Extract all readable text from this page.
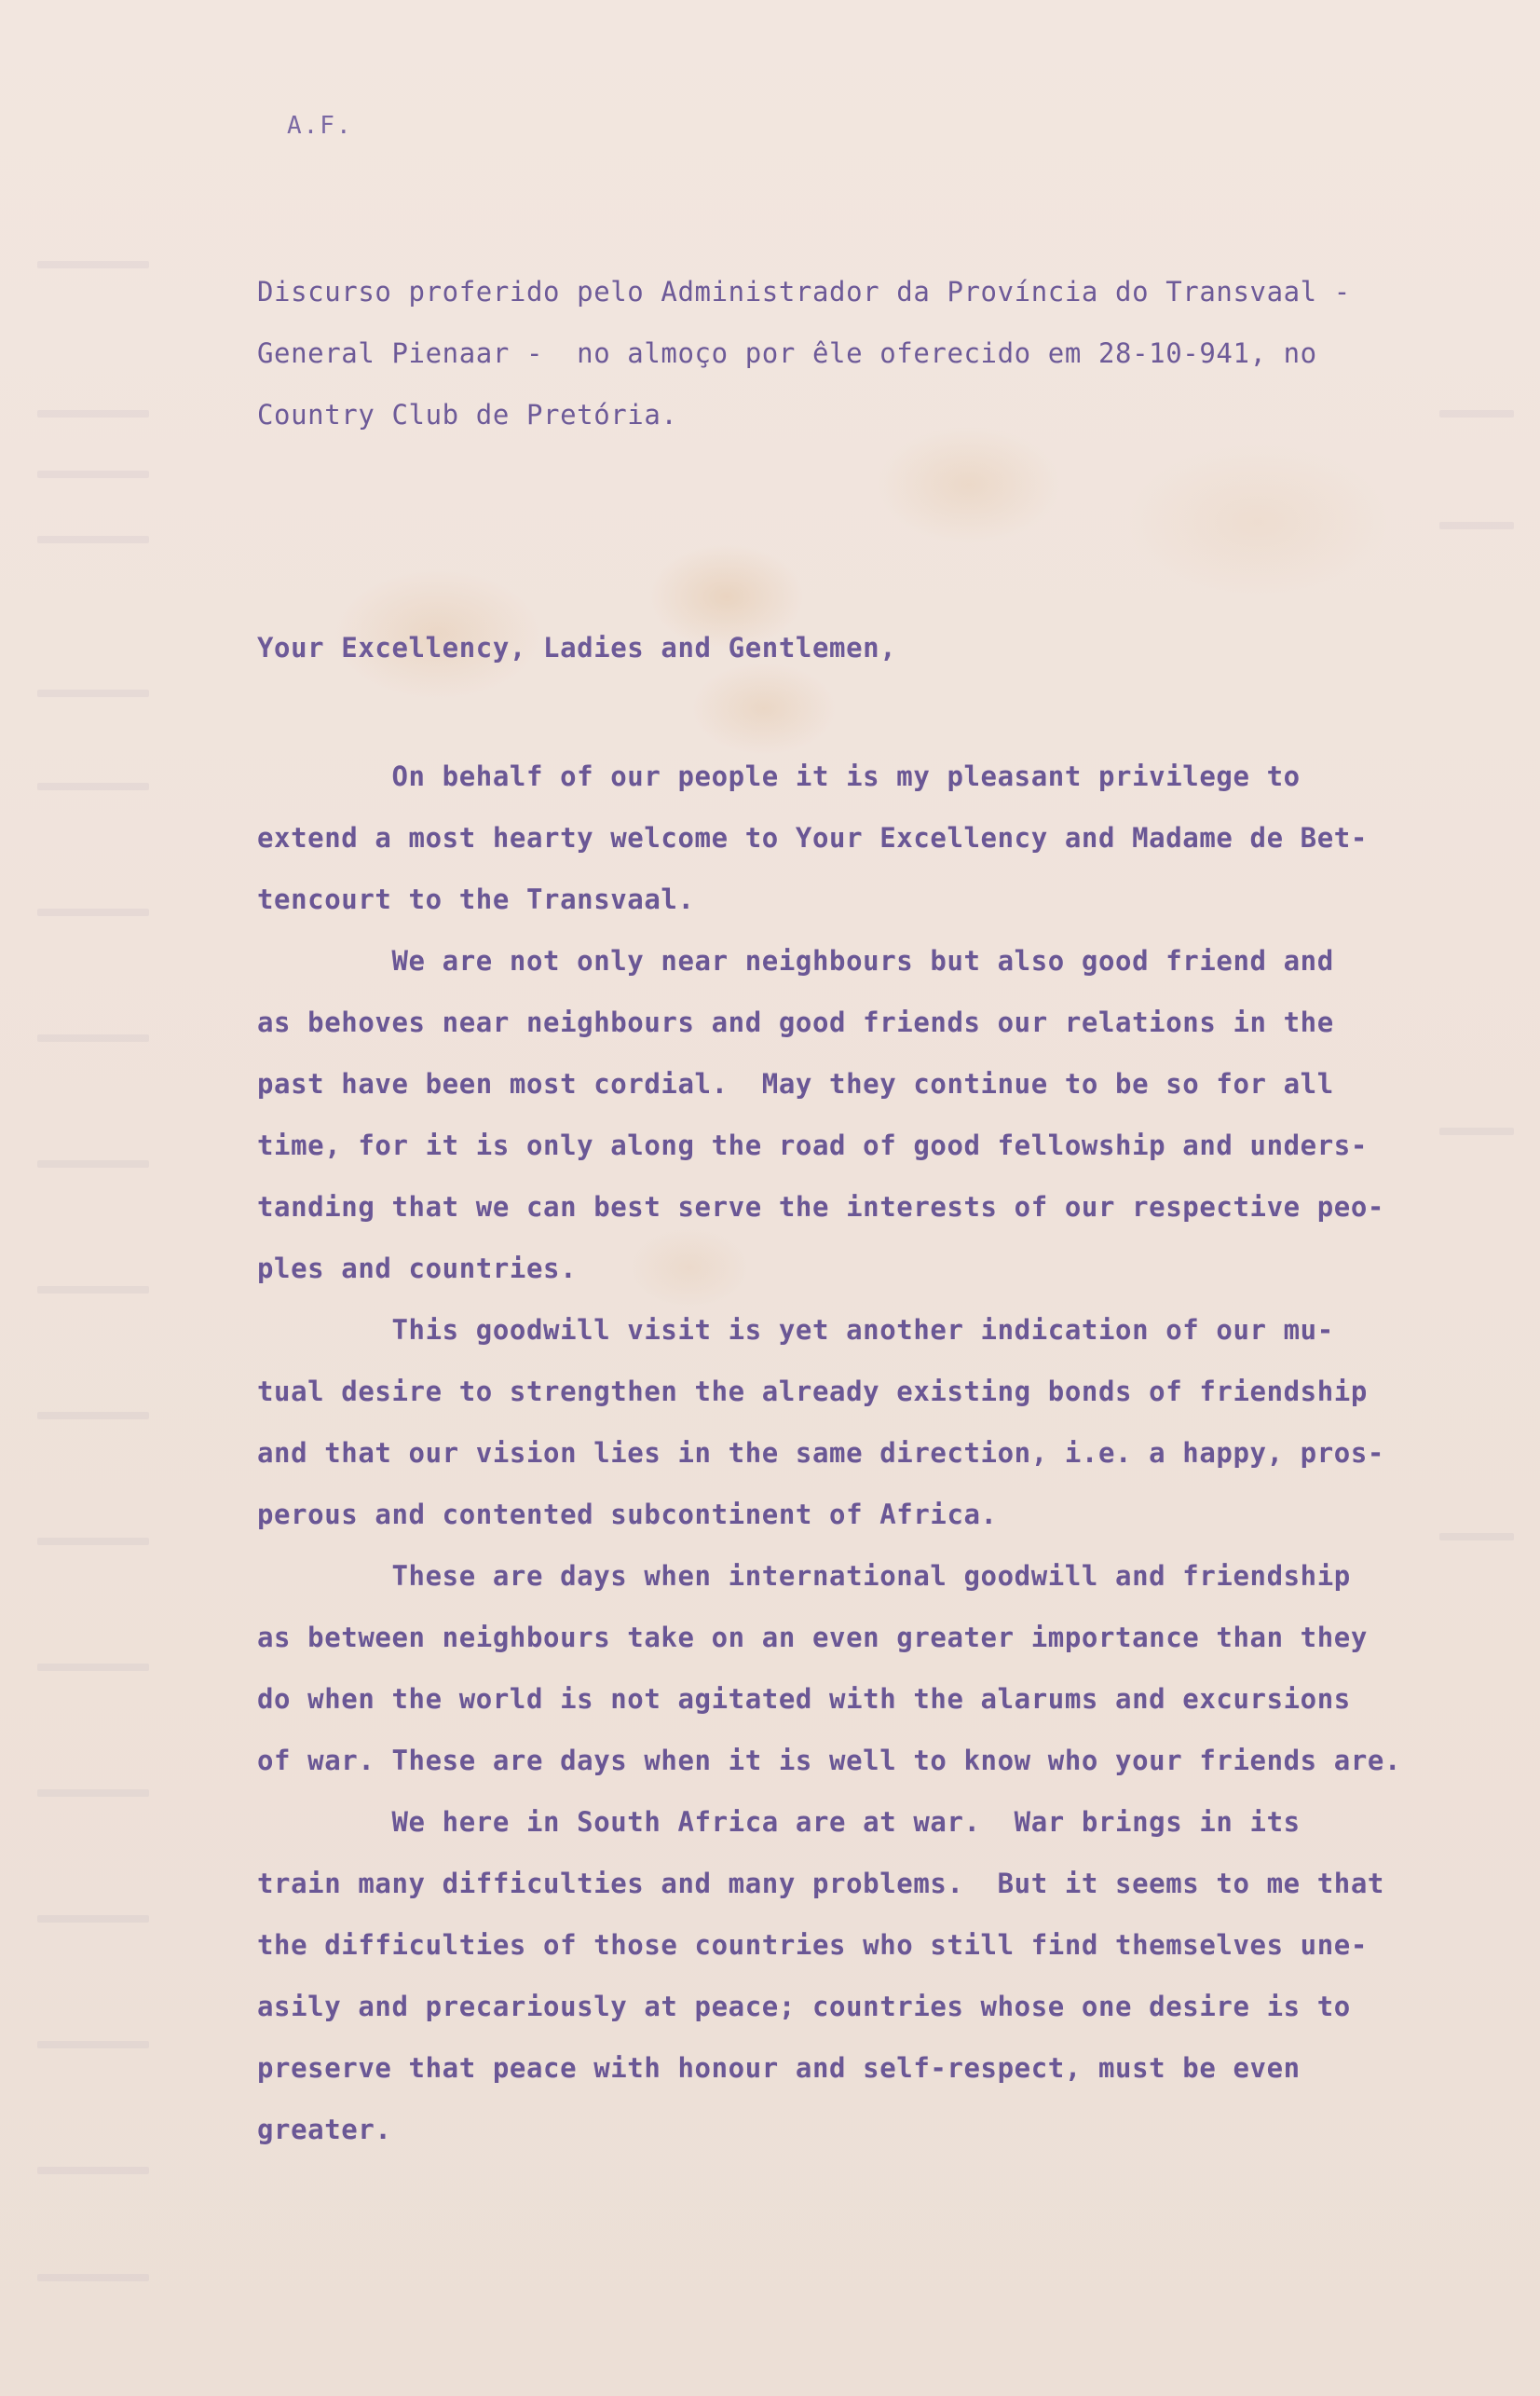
A.F.
Discurso proferido pelo Administrador da Província do Transvaal -
General Pienaar -  no almoço por êle oferecido em 28-10-941, no
Country Club de Pretória.
Your Excellency, Ladies and Gentlemen,
On behalf of our people it is my pleasant privilege to
extend a most hearty welcome to Your Excellency and Madame de Bet-
tencourt to the Transvaal.
We are not only near neighbours but also good friend and
as behoves near neighbours and good friends our relations in the
past have been most cordial.  May they continue to be so for all
time, for it is only along the road of good fellowship and unders-
tanding that we can best serve the interests of our respective peo-
ples and countries.
This goodwill visit is yet another indication of our mu-
tual desire to strengthen the already existing bonds of friendship
and that our vision lies in the same direction, i.e. a happy, pros-
perous and contented subcontinent of Africa.
These are days when international goodwill and friendship
as between neighbours take on an even greater importance than they
do when the world is not agitated with the alarums and excursions
of war. These are days when it is well to know who your friends are.
We here in South Africa are at war.  War brings in its
train many difficulties and many problems.  But it seems to me that
the difficulties of those countries who still find themselves une-
asily and precariously at peace; countries whose one desire is to
preserve that peace with honour and self-respect, must be even
greater.
